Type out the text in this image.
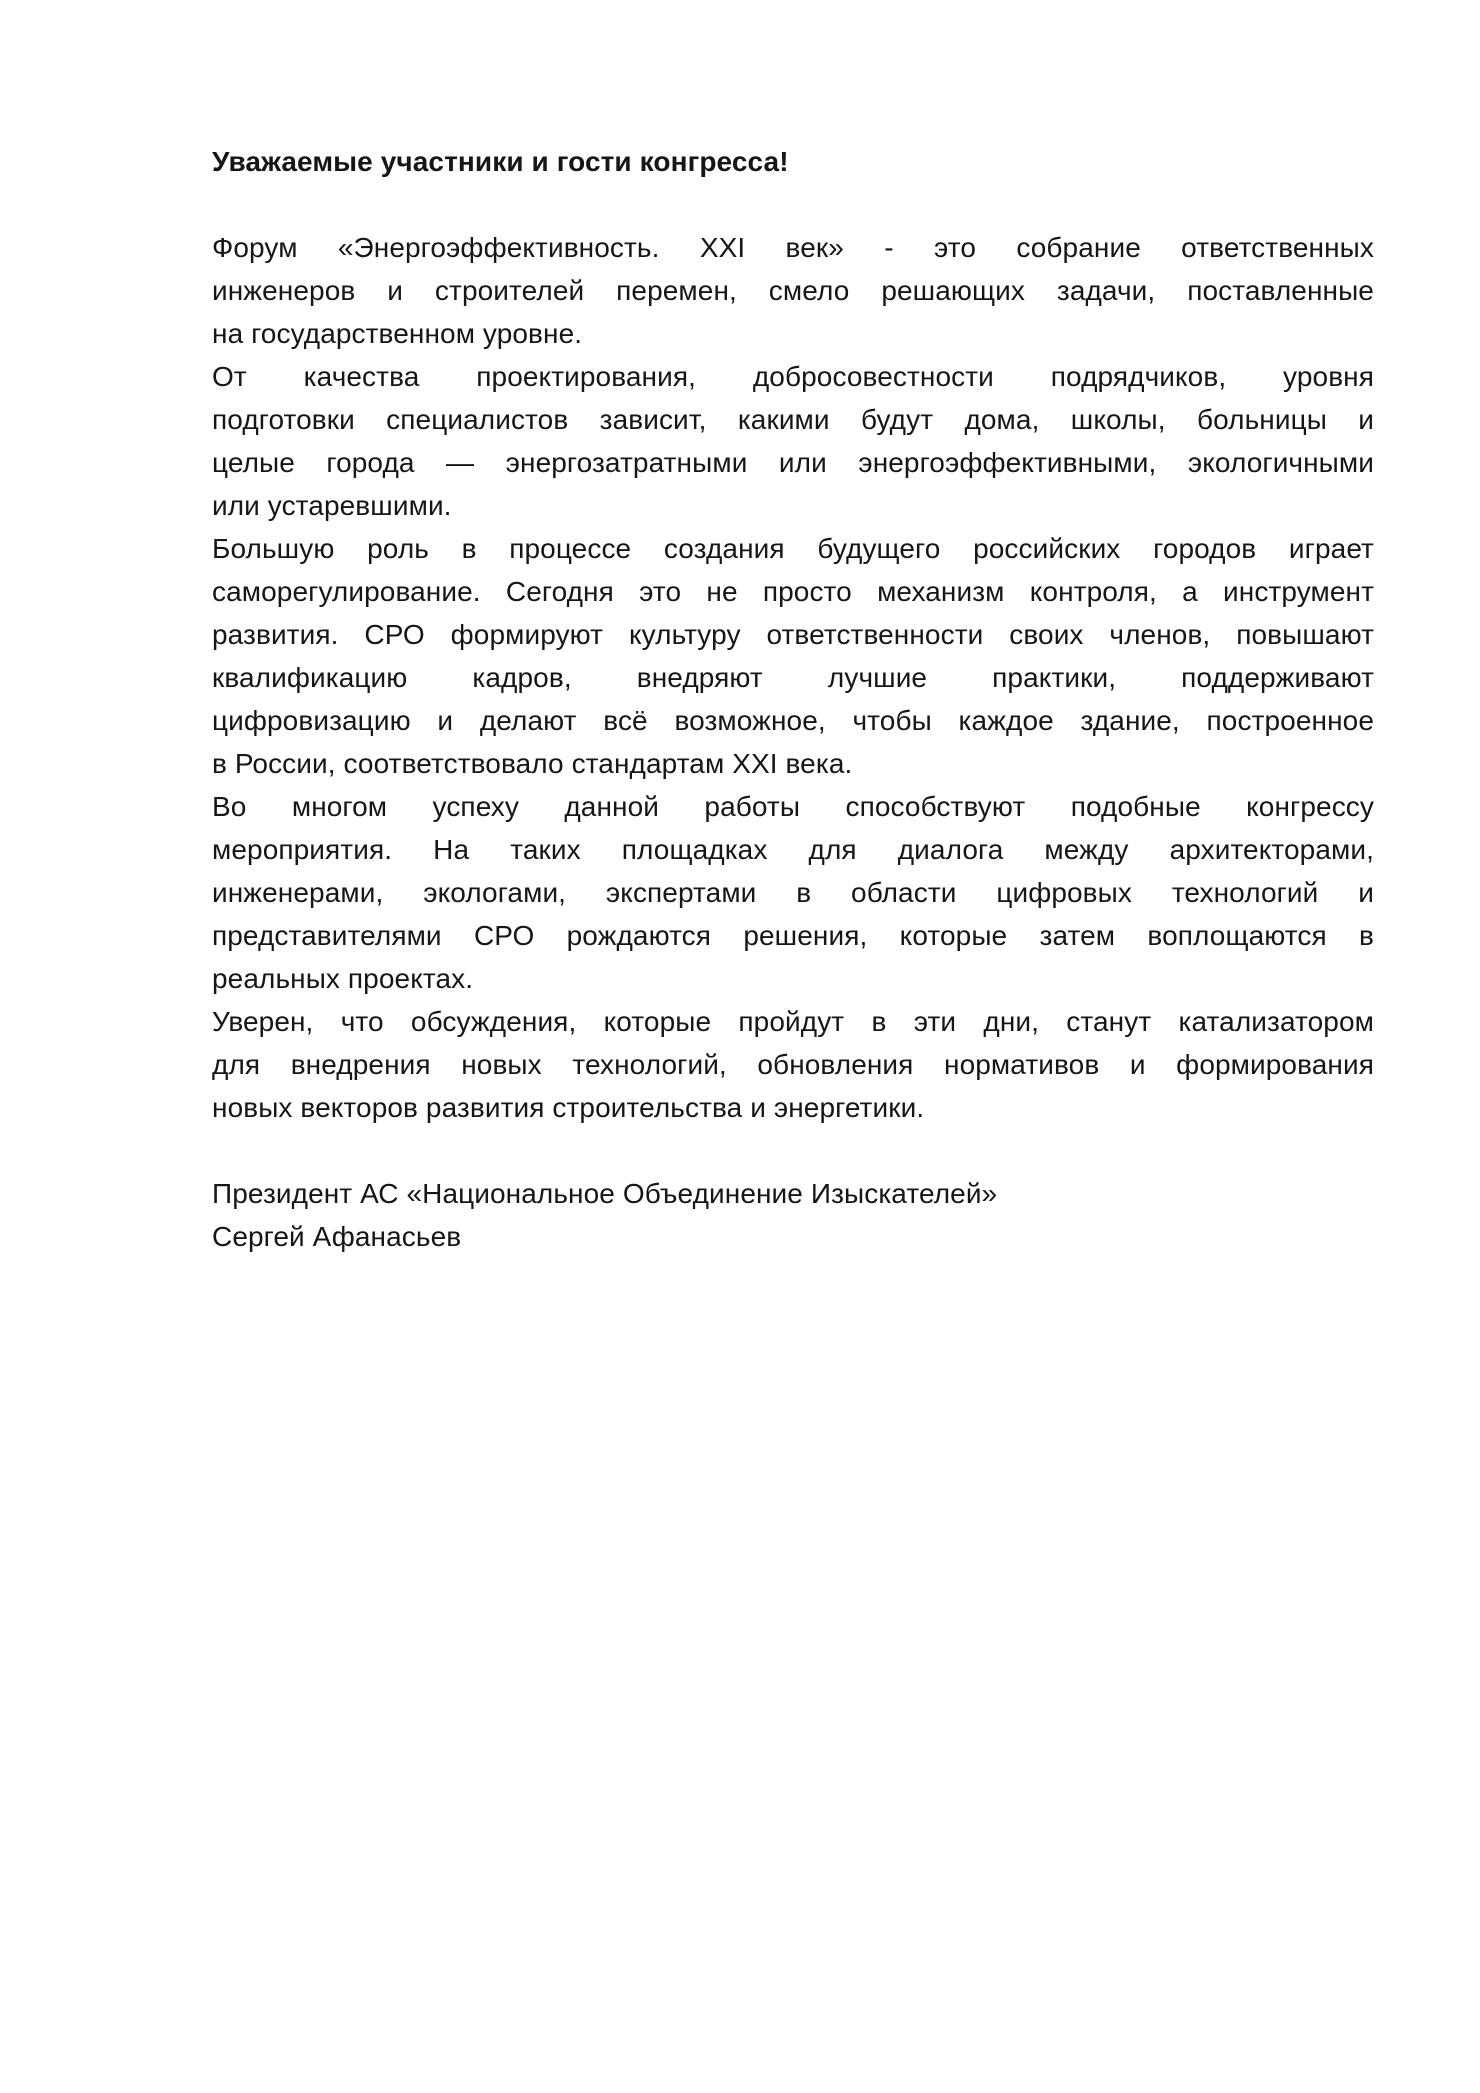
Уважаемые участники и гости конгресса!
Форум «Энергоэффективность. XXI век» - это собрание ответственных
инженеров и строителей перемен, смело решающих задачи, поставленные
на государственном уровне.
От качества проектирования, добросовестности подрядчиков, уровня
подготовки специалистов зависит, какими будут дома, школы, больницы и
целые города — энергозатратными или энергоэффективными, экологичными
или устаревшими.
Большую роль в процессе создания будущего российских городов играет
саморегулирование. Сегодня это не просто механизм контроля, а инструмент
развития. СРО формируют культуру ответственности своих членов, повышают
квалификацию кадров, внедряют лучшие практики, поддерживают
цифровизацию и делают всё возможное, чтобы каждое здание, построенное
в России, соответствовало стандартам XXI века.
Во многом успеху данной работы способствуют подобные конгрессу
мероприятия. На таких площадках для диалога между архитекторами,
инженерами, экологами, экспертами в области цифровых технологий и
представителями СРО рождаются решения, которые затем воплощаются в
реальных проектах.
Уверен, что обсуждения, которые пройдут в эти дни, станут катализатором
для внедрения новых технологий, обновления нормативов и формирования
новых векторов развития строительства и энергетики.
Президент АС «Национальное Объединение Изыскателей»
Сергей Афанасьев
